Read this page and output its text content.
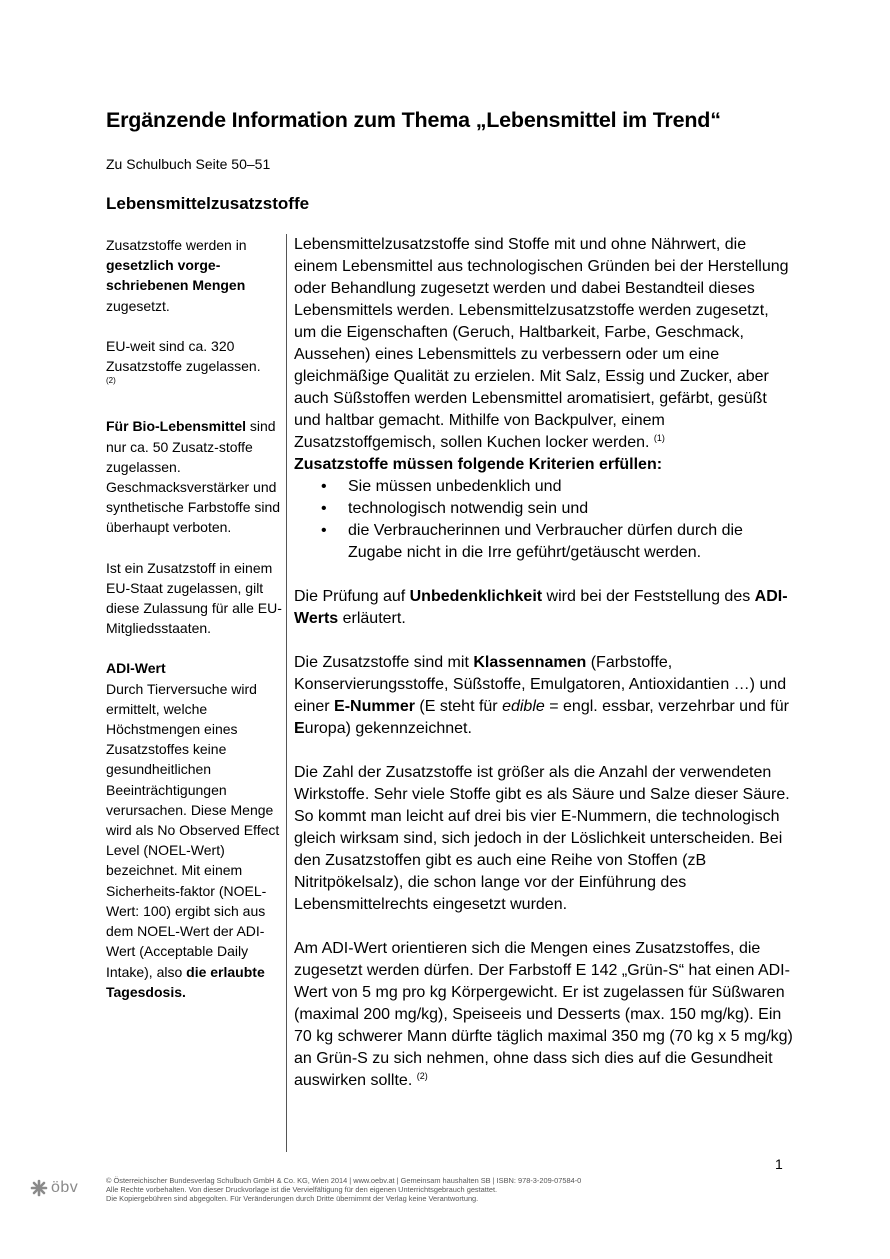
Ergänzende Information zum Thema „Lebensmittel im Trend“
Zu Schulbuch Seite 50–51
Lebensmittelzusatzstoffe

Zusatzstoffe werden in gesetzlich vorge-schriebenen Mengen zugesetzt.

EU-weit sind ca. 320 Zusatzstoffe zugelassen.
(2)

Für Bio-Lebensmittel sind nur ca. 50 Zusatz-stoffe zugelassen. Geschmacksverstärker und synthetische Farbstoffe sind überhaupt verboten.

Ist ein Zusatzstoff in einem EU-Staat zugelassen, gilt diese Zulassung für alle EU-Mitgliedsstaaten.

ADI-Wert
Durch Tierversuche wird ermittelt, welche Höchstmengen eines Zusatzstoffes keine gesundheitlichen Beeinträchtigungen verursachen. Diese Menge wird als No Observed Effect Level (NOEL-Wert) bezeichnet. Mit einem Sicherheits-faktor (NOEL-Wert: 100) ergibt sich aus dem NOEL-Wert der ADI-Wert (Acceptable Daily Intake), also die erlaubte Tagesdosis.

Lebensmittelzusatzstoffe sind Stoffe mit und ohne Nährwert, die einem Lebensmittel aus technologischen Gründen bei der Herstellung oder Behandlung zugesetzt werden und dabei Bestandteil dieses Lebensmittels werden. Lebensmittelzusatzstoffe werden zugesetzt, um die Eigenschaften (Geruch, Haltbarkeit, Farbe, Geschmack, Aussehen) eines Lebensmittels zu verbessern oder um eine gleichmäßige Qualität zu erzielen. Mit Salz, Essig und Zucker, aber auch Süßstoffen werden Lebensmittel aromatisiert, gefärbt, gesüßt und haltbar gemacht. Mithilfe von Backpulver, einem Zusatzstoffgemisch, sollen Kuchen locker werden. $^{(1)}$

Zusatzstoffe müssen folgende Kriterien erfüllen:

• Sie müssen unbedenklich und
• technologisch notwendig sein und
• die Verbraucherinnen und Verbraucher dürfen durch die Zugabe nicht in die Irre geführt/getäuscht werden.

Die Prüfung auf Unbedenklichkeit wird bei der Feststellung des ADI-Werts erläutert.

Die Zusatzstoffe sind mit Klassennamen (Farbstoffe, Konservierungsstoffe, Süßstoffe, Emulgatoren, Antioxidantien …) und einer E-Nummer (E steht für edible = engl. essbar, verzehrbar und für Europa) gekennzeichnet.

Die Zahl der Zusatzstoffe ist größer als die Anzahl der verwendeten Wirkstoffe. Sehr viele Stoffe gibt es als Säure und Salze dieser Säure. So kommt man leicht auf drei bis vier E-Nummern, die technologisch gleich wirksam sind, sich jedoch in der Löslichkeit unterscheiden. Bei den Zusatzstoffen gibt es auch eine Reihe von Stoffen (zB Nitritpökelsalz), die schon lange vor der Einführung des Lebensmittelrechts eingesetzt wurden.

Am ADI-Wert orientieren sich die Mengen eines Zusatzstoffes, die zugesetzt werden dürfen. Der Farbstoff E 142 „Grün-S“ hat einen ADI-Wert von 5 mg pro kg Körpergewicht. Er ist zugelassen für Süßwaren (maximal 200 mg/kg), Speiseeis und Desserts (max. 150 mg/kg). Ein 70 kg schwerer Mann dürfte täglich maximal 350 mg (70 kg x 5 mg/kg) an Grün-S zu sich nehmen, ohne dass sich dies auf die Gesundheit auswirken sollte. $^{(2)}$

1
öbv	© Österreichischer Bundesverlag Schulbuch GmbH & Co. KG, Wien 2014 | www.oebv.at | Gemeinsam haushalten SB | ISBN: 978-3-209-07584-0
Alle Rechte vorbehalten. Von dieser Druckvorlage ist die Vervielfältigung für den eigenen Unterrichtsgebrauch gestattet.
Die Kopiergebühren sind abgegolten. Für Veränderungen durch Dritte übernimmt der Verlag keine Verantwortung.
